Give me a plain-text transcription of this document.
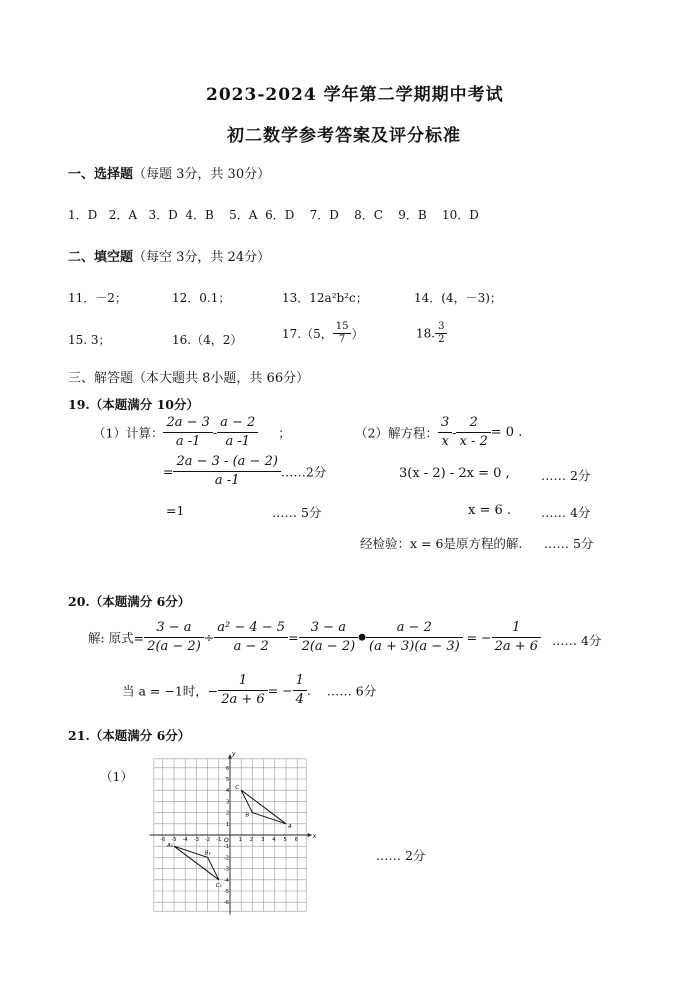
2023-2024 学年第二学期期中考试
初二数学参考答案及评分标准
一、选择题（每题 3分，共 30分）
1．D 2．A 3．D 4．B 5．A 6．D 7．D 8．C 9．B 10．D
二、填空题（每空 3分，共 24分）
11．－2；	12．0.1；	13．12a²b²c；	14．(4，－3)；
15. 3；	16.（4，2）	17.（5， $\frac{15}{7}$ ）	18. $\frac{3}{2}$
三、解答题（本大题共 8小题，共 66分）
19.（本题满分 10分）
（1）计算： $\frac{2a - 3}{a -1} - \frac{a - 2}{a -1}$ ；
= $\frac{2a - 3 - (a - 2)}{a -1}$ ……2分
=1	…… 5分
（2）解方程： $\frac{3}{x} - \frac{2}{x - 2} = 0$ .
3(x - 2) - 2x = 0 ,	…… 2分
x = 6 . …… 4分
经检验：x = 6是原方程的解. …… 5分
20.（本题满分 6分）
解: 原式= $\frac{3 - a}{2(a - 2)} \div \frac{\text{a² − 4 − 5}}{a - 2} = \frac{3 - a}{2(a - 2)}$ ● $\frac{a - 2}{(a + 3)(a - 3)}$ = − $\frac{1}{2a + 6}$ …… 4分
当 a = −1时，− $\frac{1}{2a + 6}$ = − $\frac{1}{4}$ . …… 6分
21.（本题满分 6分）
（1）
…… 2分
x
y
O
-6 -5 -4 -3 -2 -1	1 2 3 4 5 6
6
5
4
3
2
1
-1
-2
-3
-4
-5
-6
A
B
C
A₁
B₁
C₁
